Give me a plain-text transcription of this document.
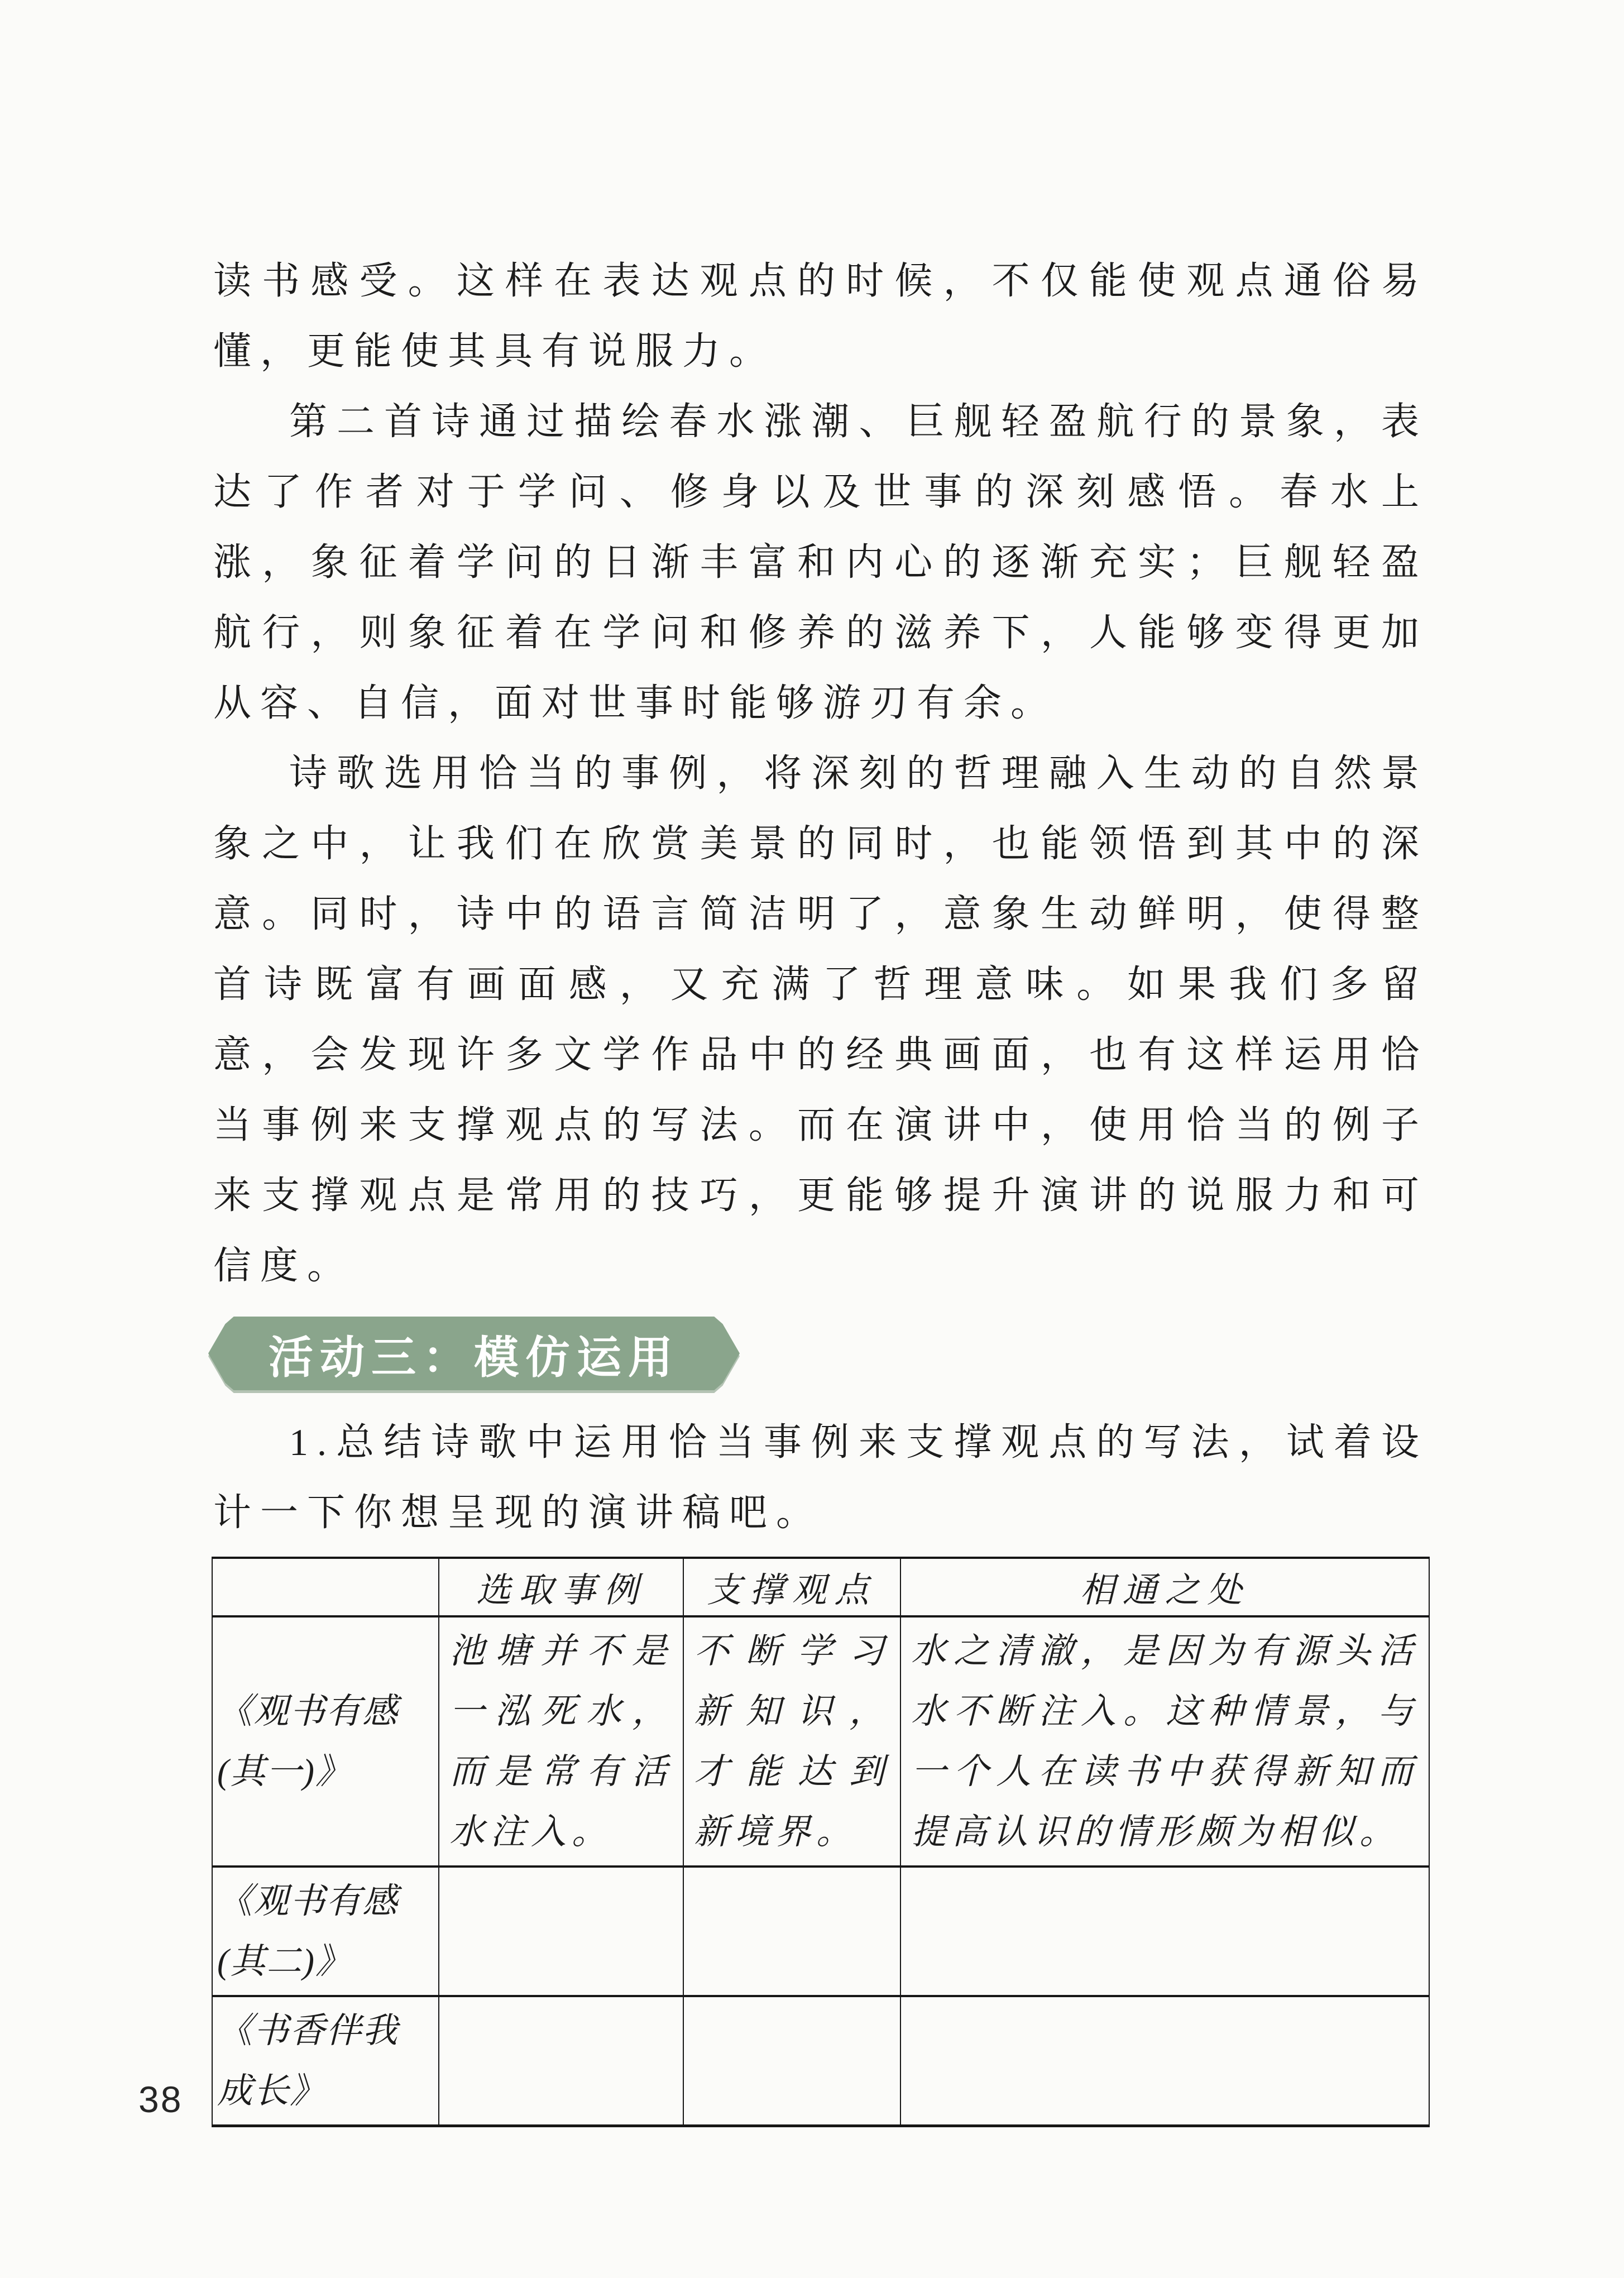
读书感受。这样在表达观点的时候，不仅能使观点通俗易懂，更能使其具有说服力。

第二首诗通过描绘春水涨潮、巨舰轻盈航行的景象，表达了作者对于学问、修身以及世事的深刻感悟。春水上涨，象征着学问的日渐丰富和内心的逐渐充实；巨舰轻盈航行，则象征着在学问和修养的滋养下，人能够变得更加从容、自信，面对世事时能够游刃有余。

诗歌选用恰当的事例，将深刻的哲理融入生动的自然景象之中，让我们在欣赏美景的同时，也能领悟到其中的深意。同时，诗中的语言简洁明了，意象生动鲜明，使得整首诗既富有画面感，又充满了哲理意味。如果我们多留意，会发现许多文学作品中的经典画面，也有这样运用恰当事例来支撑观点的写法。而在演讲中，使用恰当的例子来支撑观点是常用的技巧，更能够提升演讲的说服力和可信度。

活动三：模仿运用

1.总结诗歌中运用恰当事例来支撑观点的写法，试着设计一下你想呈现的演讲稿吧。

	选取事例	支撑观点	相通之处
《观书有感(其一)》	池塘并不是一泓死水，而是常有活水注入。	不断学习新知识，才能达到新境界。	水之清澈，是因为有源头活水不断注入。这种情景，与一个人在读书中获得新知而提高认识的情形颇为相似。
《观书有感(其二)》			
《书香伴我成长》			
38
